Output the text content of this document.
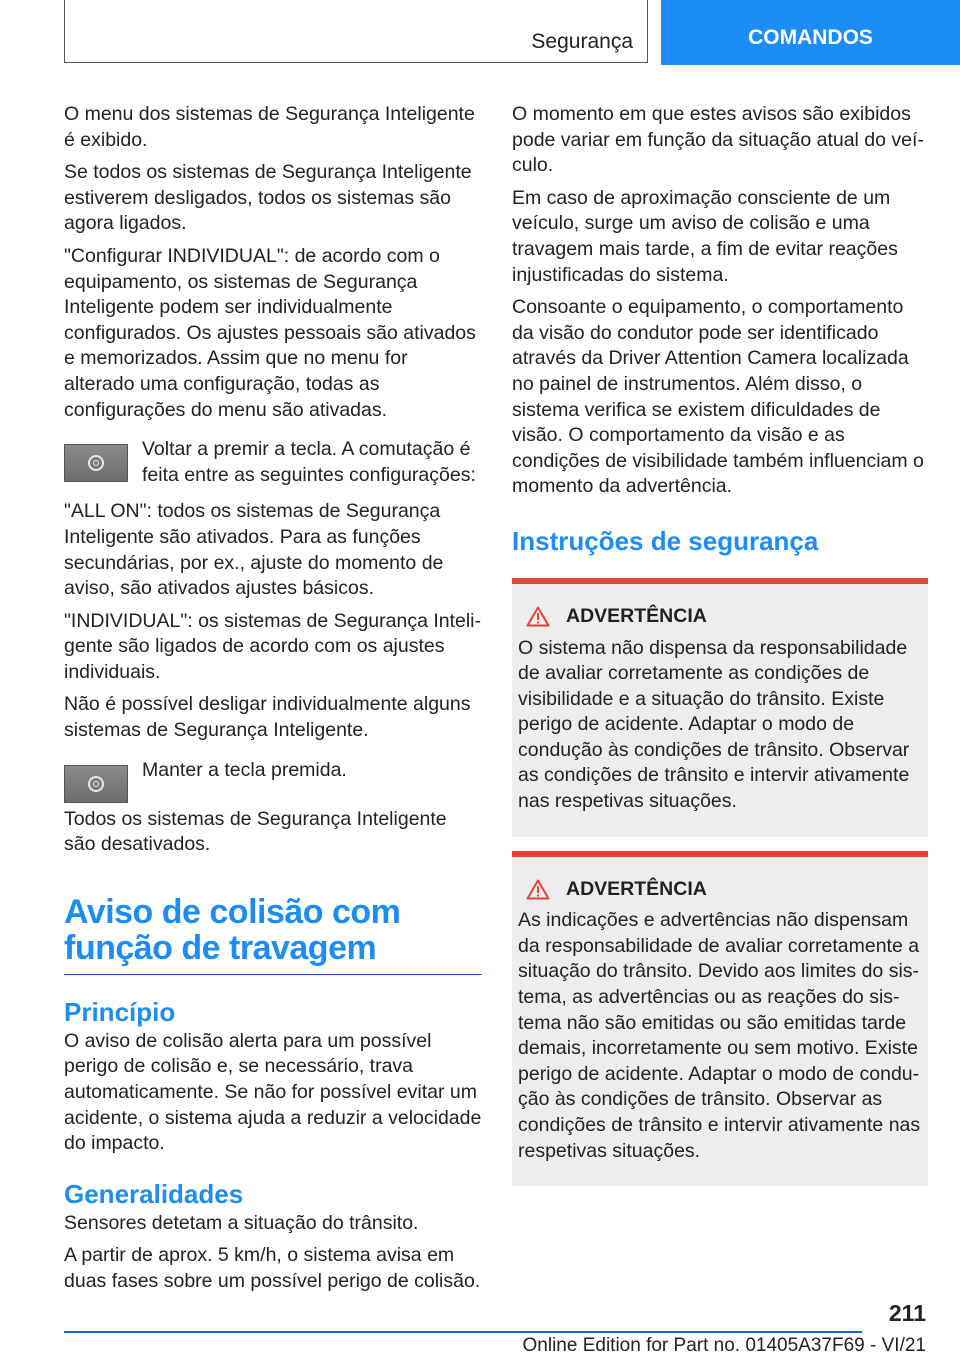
Segurança	COMANDOS

O menu dos sistemas de Segurança Inteligente é exibido.

Se todos os sistemas de Segurança Inteligente estiverem desligados, todos os sistemas são agora ligados.

"Configurar INDIVIDUAL": de acordo com o equipamento, os sistemas de Segurança Inteligente podem ser individualmente configurados. Os ajustes pessoais são ativados e memorizados. Assim que no menu for alterado uma configuração, todas as configurações do menu são ativadas.

Voltar a premir a tecla. A comutação é feita entre as seguintes configurações:

"ALL ON": todos os sistemas de Segurança Inteligente são ativados. Para as funções secundárias, por ex., ajuste do momento de aviso, são ativados ajustes básicos.

"INDIVIDUAL": os sistemas de Segurança Inteligente são ligados de acordo com os ajustes individuais.

Não é possível desligar individualmente alguns sistemas de Segurança Inteligente.

Manter a tecla premida.

Todos os sistemas de Segurança Inteligente são desativados.

Aviso de colisão com função de travagem
Princípio

O aviso de colisão alerta para um possível perigo de colisão e, se necessário, trava automaticamente. Se não for possível evitar um acidente, o sistema ajuda a reduzir a velocidade do impacto.

Generalidades

Sensores detetam a situação do trânsito.

A partir de aprox. 5 km/h, o sistema avisa em duas fases sobre um possível perigo de colisão.

O momento em que estes avisos são exibidos pode variar em função da situação atual do veículo.

Em caso de aproximação consciente de um veículo, surge um aviso de colisão e uma travagem mais tarde, a fim de evitar reações injustificadas do sistema.

Consoante o equipamento, o comportamento da visão do condutor pode ser identificado através da Driver Attention Camera localizada no painel de instrumentos. Além disso, o sistema verifica se existem dificuldades de visão. O comportamento da visão e as condições de visibilidade também influenciam o momento da advertência.

Instruções de segurança
ADVERTÊNCIA

O sistema não dispensa da responsabilidade de avaliar corretamente as condições de visibilidade e a situação do trânsito. Existe perigo de acidente. Adaptar o modo de condução às condições de trânsito. Observar as condições de trânsito e intervir ativamente nas respetivas situações.

ADVERTÊNCIA

As indicações e advertências não dispensam da responsabilidade de avaliar corretamente a situação do trânsito. Devido aos limites do sistema, as advertências ou as reações do sistema não são emitidas ou são emitidas tarde demais, incorretamente ou sem motivo. Existe perigo de acidente. Adaptar o modo de condução às condições de trânsito. Observar as condições de trânsito e intervir ativamente nas respetivas situações.

211
Online Edition for Part no. 01405A37F69 - VI/21
